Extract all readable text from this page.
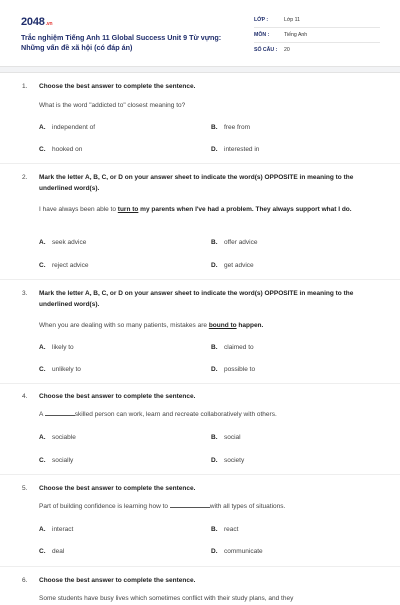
2048.vn
Trắc nghiệm Tiếng Anh 11 Global Success Unit 9 Từ vựng: Những vấn đề xã hội (có đáp án)
LỚP :	Lớp 11
MÔN :	Tiếng Anh
SỐ CÂU : 20
1. Choose the best answer to complete the sentence.
What is the word "addicted to" closest meaning to?
A. independent of	B. free from
C. hooked on	D. interested in
2. Mark the letter A, B, C, or D on your answer sheet to indicate the word(s) OPPOSITE in meaning to the underlined word(s).
I have always been able to turn to my parents when I've had a problem. They always support what I do.
A. seek advice	B. offer advice
C. reject advice	D. get advice
3. Mark the letter A, B, C, or D on your answer sheet to indicate the word(s) OPPOSITE in meaning to the underlined word(s).
When you are dealing with so many patients, mistakes are bound to happen.
A. likely to	B. claimed to
C. unlikely to	D. possible to
4. Choose the best answer to complete the sentence.
A	skilled person can work, learn and recreate collaboratively with others.
A. sociable	B. social
C. socially	D. society
5. Choose the best answer to complete the sentence.
Part of building confidence is learning how to	with all types of situations.
A. interact	B. react
C. deal	D. communicate
6. Choose the best answer to complete the sentence.
Some students have busy lives which sometimes conflict with their study plans, and they
